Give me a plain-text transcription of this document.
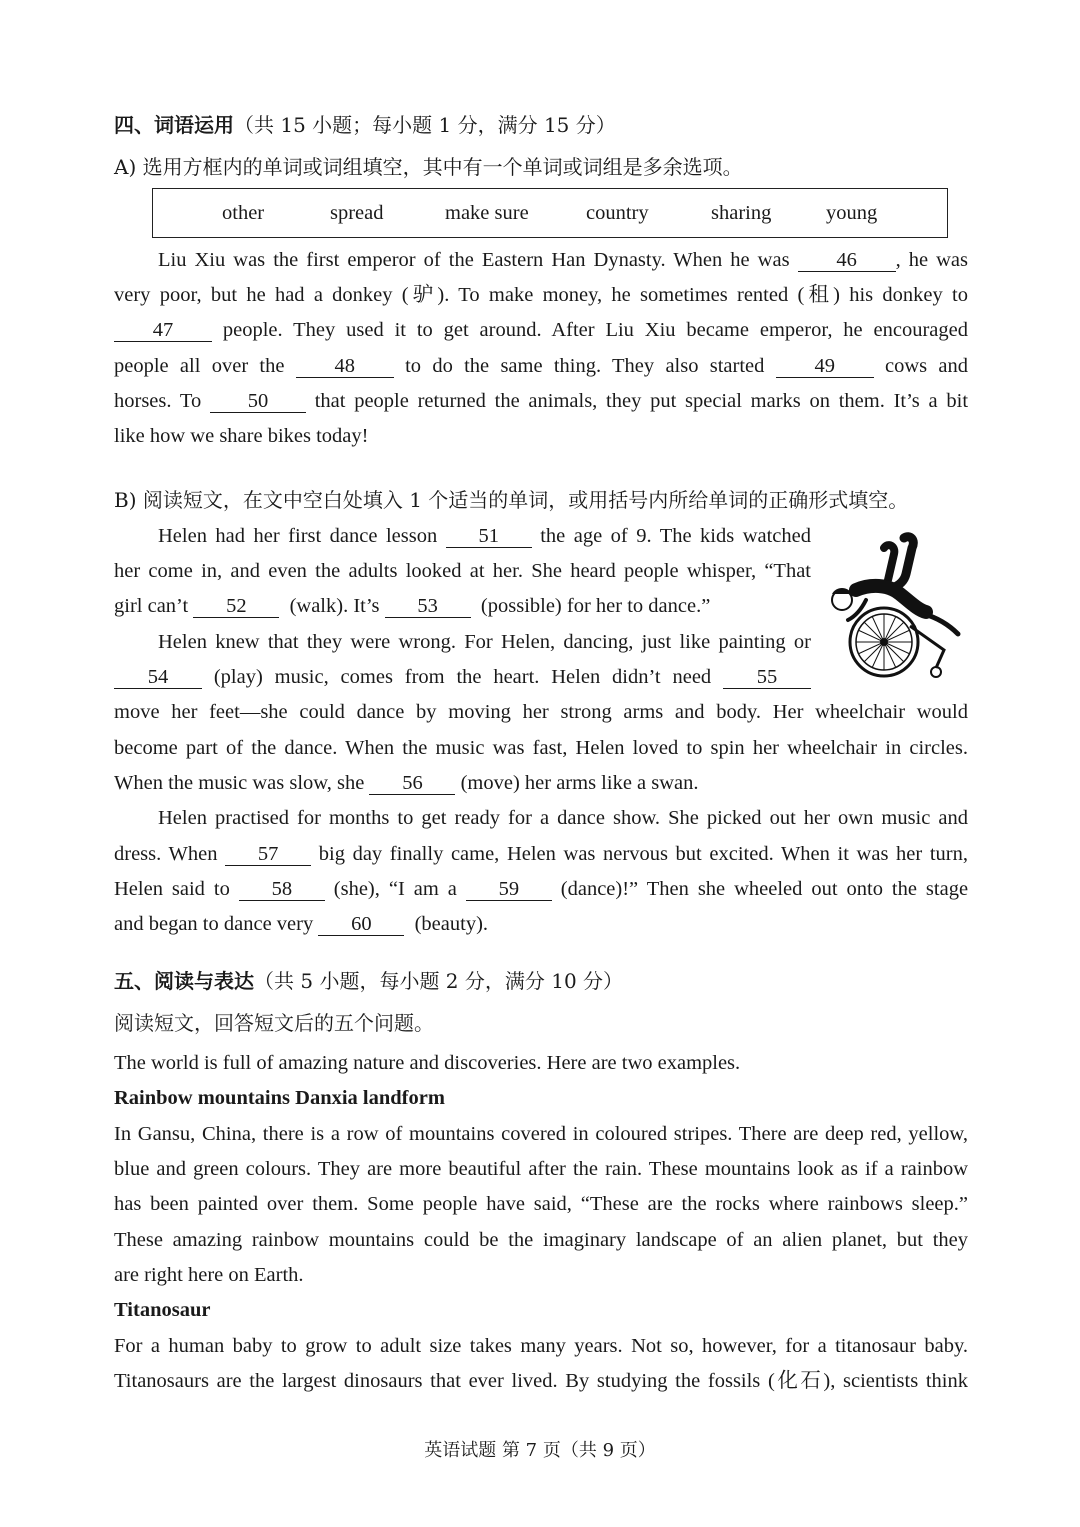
四、词语运用（共 15 小题；每小题 1 分，满分 15 分）
A) 选用方框内的单词或词组填空，其中有一个单词或词组是多余选项。
other	spread	make sure	country	sharing	young
Liu Xiu was the first emperor of the Eastern Han Dynasty. When he was 46 , he was
very poor, but he had a donkey (驴). To make money, he sometimes rented (租) his donkey to
47 people. They used it to get around. After Liu Xiu became emperor, he encouraged
people all over the 48 to do the same thing. They also started 49 cows and
horses. To 50 that people returned the animals, they put special marks on them. It’s a bit
like how we share bikes today!
B) 阅读短文，在文中空白处填入 1 个适当的单词，或用括号内所给单词的正确形式填空。
Helen had her first dance lesson 51 the age of 9. The kids watched
her come in, and even the adults looked at her. She heard people whisper, “That
girl can’t 52 (walk). It’s 53 (possible) for her to dance.”
Helen knew that they were wrong. For Helen, dancing, just like painting or
54 (play) music, comes from the heart. Helen didn’t need 55
move her feet—she could dance by moving her strong arms and body. Her wheelchair would
become part of the dance. When the music was fast, Helen loved to spin her wheelchair in circles.
When the music was slow, she 56 (move) her arms like a swan.
Helen practised for months to get ready for a dance show. She picked out her own music and
dress. When 57 big day finally came, Helen was nervous but excited. When it was her turn,
Helen said to 58 (she), “I am a 59 (dance)!” Then she wheeled out onto the stage
and began to dance very 60 (beauty).
五、阅读与表达（共 5 小题，每小题 2 分，满分 10 分）
阅读短文，回答短文后的五个问题。
The world is full of amazing nature and discoveries. Here are two examples.
Rainbow mountains Danxia landform
In Gansu, China, there is a row of mountains covered in coloured stripes. There are deep red, yellow,
blue and green colours. They are more beautiful after the rain. These mountains look as if a rainbow
has been painted over them. Some people have said, “These are the rocks where rainbows sleep.”
These amazing rainbow mountains could be the imaginary landscape of an alien planet, but they
are right here on Earth.
Titanosaur
For a human baby to grow to adult size takes many years. Not so, however, for a titanosaur baby.
Titanosaurs are the largest dinosaurs that ever lived. By studying the fossils (化石), scientists think
英语试题 第 7 页（共 9 页）
